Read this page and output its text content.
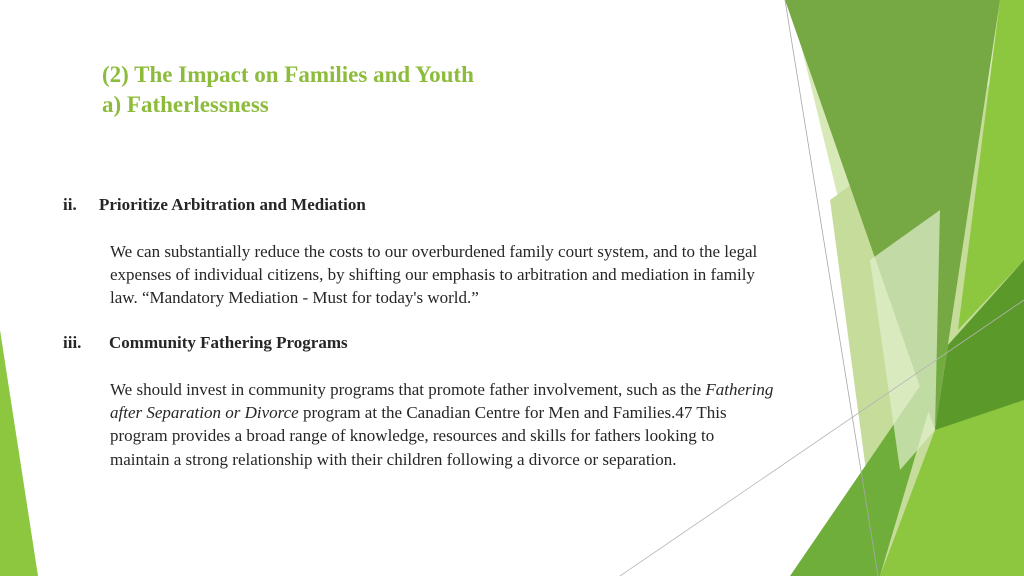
(2) The Impact on Families and Youth
a) Fatherlessness
ii. Prioritize Arbitration and Mediation
We can substantially reduce the costs to our overburdened family court system, and to the legal expenses of individual citizens, by shifting our emphasis to arbitration and mediation in family law. “Mandatory Mediation - Must for today's world.”
iii. Community Fathering Programs
We should invest in community programs that promote father involvement, such as the Fathering after Separation or Divorce program at the Canadian Centre for Men and Families.47 This program provides a broad range of knowledge, resources and skills for fathers looking to maintain a strong relationship with their children following a divorce or separation.
